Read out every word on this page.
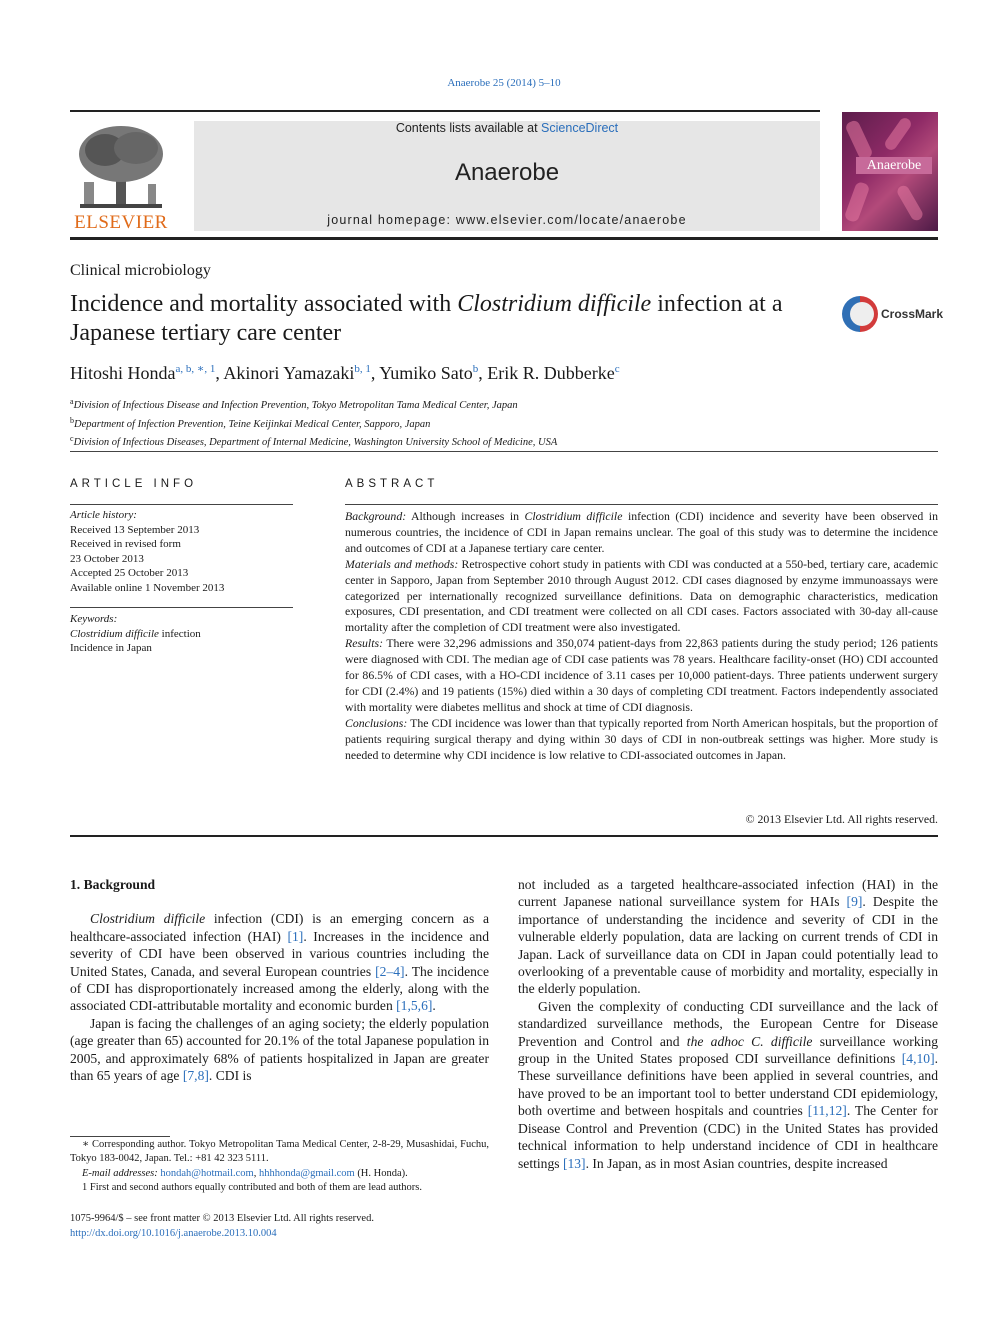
Anaerobe 25 (2014) 5–10
ELSEVIER
Contents lists available at ScienceDirect
Anaerobe
journal homepage: www.elsevier.com/locate/anaerobe
Anaerobe
Clinical microbiology
Incidence and mortality associated with Clostridium difficile infection at a Japanese tertiary care center
CrossMark
Hitoshi Honda$^{a, b, ∗, 1}$, Akinori Yamazaki$^{b, 1}$, Yumiko Sato$^b$, Erik R. Dubberke$^c$
$^a$Division of Infectious Disease and Infection Prevention, Tokyo Metropolitan Tama Medical Center, Japan
$^b$Department of Infection Prevention, Teine Keijinkai Medical Center, Sapporo, Japan
$^c$Division of Infectious Diseases, Department of Internal Medicine, Washington University School of Medicine, USA
ARTICLE INFO
Article history:
Received 13 September 2013
Received in revised form
23 October 2013
Accepted 25 October 2013
Available online 1 November 2013
Keywords:
Clostridium difficile infection
Incidence in Japan
ABSTRACT

Background: Although increases in Clostridium difficile infection (CDI) incidence and severity have been observed in numerous countries, the incidence of CDI in Japan remains unclear. The goal of this study was to determine the incidence and outcomes of CDI at a Japanese tertiary care center.

Materials and methods: Retrospective cohort study in patients with CDI was conducted at a 550-bed, tertiary care, academic center in Sapporo, Japan from September 2010 through August 2012. CDI cases diagnosed by enzyme immunoassays were categorized per internationally recognized surveillance definitions. Data on demographic characteristics, medication exposures, CDI presentation, and CDI treatment were collected on all CDI cases. Factors associated with 30-day all-cause mortality after the completion of CDI treatment were also investigated.

Results: There were 32,296 admissions and 350,074 patient-days from 22,863 patients during the study period; 126 patients were diagnosed with CDI. The median age of CDI case patients was 78 years. Healthcare facility-onset (HO) CDI accounted for 86.5% of CDI cases, with a HO-CDI incidence of 3.11 cases per 10,000 patient-days. Three patients underwent surgery for CDI (2.4%) and 19 patients (15%) died within a 30 days of completing CDI treatment. Factors independently associated with mortality were diabetes mellitus and shock at time of CDI diagnosis.

Conclusions: The CDI incidence was lower than that typically reported from North American hospitals, but the proportion of patients requiring surgical therapy and dying within 30 days of CDI in non-outbreak settings was higher. More study is needed to determine why CDI incidence is low relative to CDI-associated outcomes in Japan.

© 2013 Elsevier Ltd. All rights reserved.

1. Background

Clostridium difficile infection (CDI) is an emerging concern as a healthcare-associated infection (HAI) [1]. Increases in the incidence and severity of CDI have been observed in various countries including the United States, Canada, and several European countries [2–4]. The incidence of CDI has disproportionately increased among the elderly, along with the associated CDI-attributable mortality and economic burden [1,5,6].

Japan is facing the challenges of an aging society; the elderly population (age greater than 65) accounted for 20.1% of the total Japanese population in 2005, and approximately 68% of patients hospitalized in Japan are greater than 65 years of age [7,8]. CDI is

∗ Corresponding author. Tokyo Metropolitan Tama Medical Center, 2-8-29, Musashidai, Fuchu, Tokyo 183-0042, Japan. Tel.: +81 42 323 5111.

E-mail addresses: hondah@hotmail.com, hhhhonda@gmail.com (H. Honda).

1 First and second authors equally contributed and both of them are lead authors.

1075-9964/$ – see front matter © 2013 Elsevier Ltd. All rights reserved.
http://dx.doi.org/10.1016/j.anaerobe.2013.10.004

not included as a targeted healthcare-associated infection (HAI) in the current Japanese national surveillance system for HAIs [9]. Despite the importance of understanding the incidence and severity of CDI in the vulnerable elderly population, data are lacking on current trends of CDI in Japan. Lack of surveillance data on CDI in Japan could potentially lead to overlooking of a preventable cause of morbidity and mortality, especially in the elderly population.

Given the complexity of conducting CDI surveillance and the lack of standardized surveillance methods, the European Centre for Disease Prevention and Control and the adhoc C. difficile surveillance working group in the United States proposed CDI surveillance definitions [4,10]. These surveillance definitions have been applied in several countries, and have proved to be an important tool to better understand CDI epidemiology, both overtime and between hospitals and countries [11,12]. The Center for Disease Control and Prevention (CDC) in the United States has provided technical information to help understand incidence of CDI in healthcare settings [13]. In Japan, as in most Asian countries, despite increased
